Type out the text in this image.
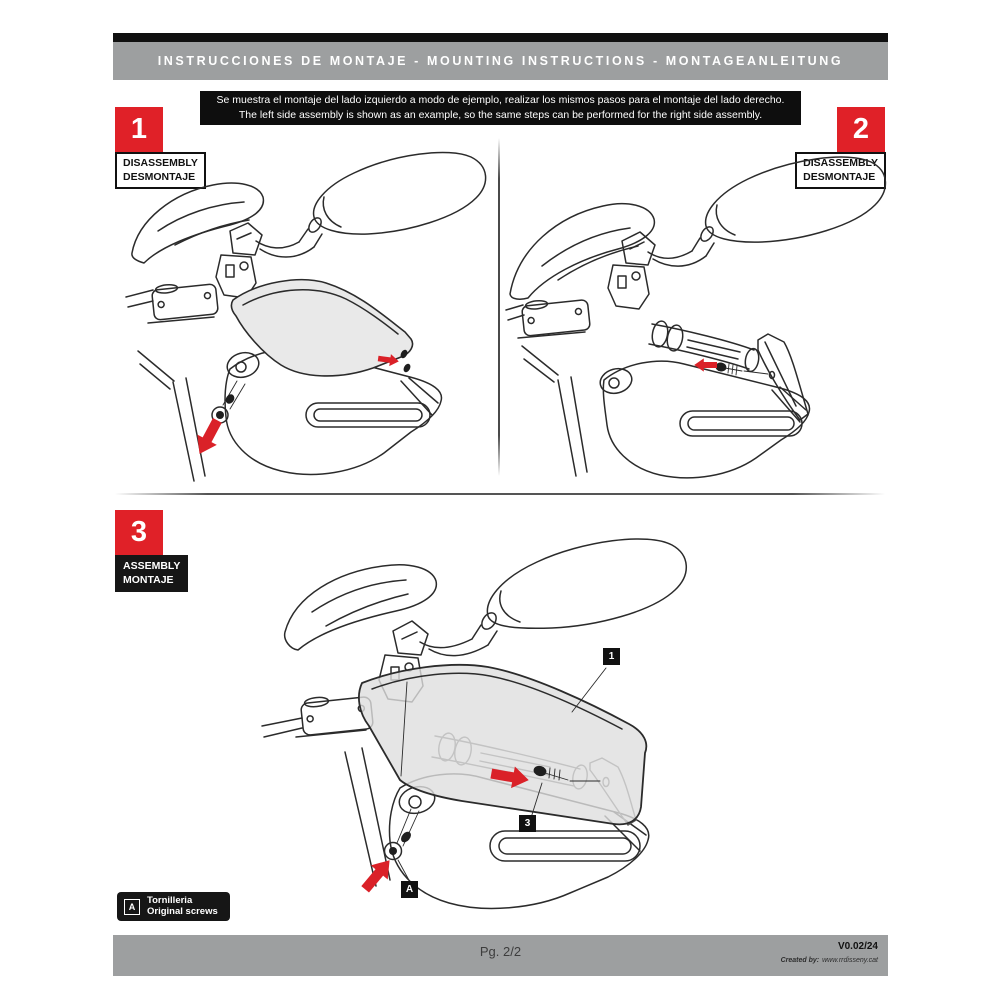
INSTRUCCIONES DE MONTAJE - MOUNTING INSTRUCTIONS - MONTAGEANLEITUNG
Se muestra el montaje del lado izquierdo a modo de ejemplo, realizar los mismos pasos para el montaje del lado derecho.
The left side assembly is shown as an example, so the same steps can be performed for the right side assembly.
1
DISASSEMBLY
DESMONTAJE
2
DISASSEMBLY
DESMONTAJE
3
ASSEMBLY
MONTAJE
1
3
A
A
Tornilleria
Original screws
Pg. 2/2	V0.02/24
Created by: www.rrdisseny.cat
